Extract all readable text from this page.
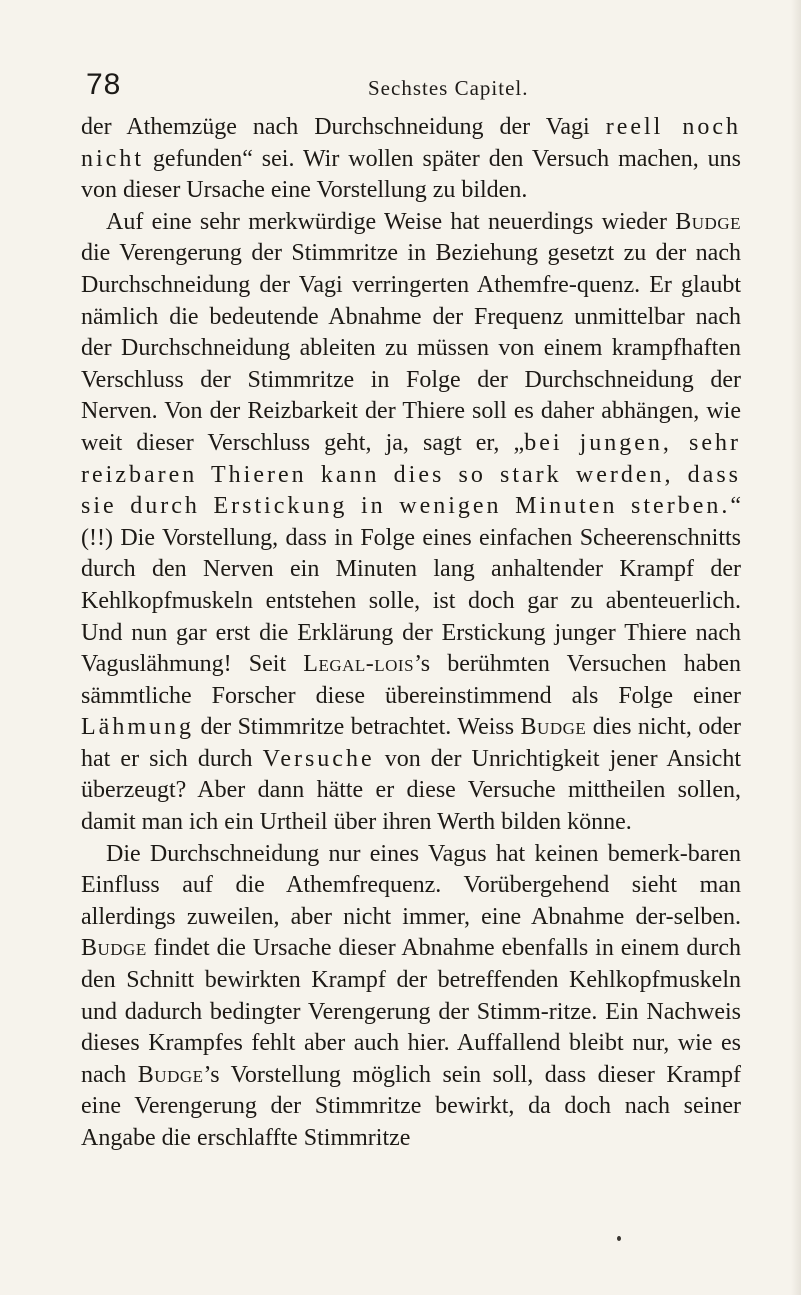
78	Sechstes Capitel.

der Athemzüge nach Durchschneidung der Vagi reell noch nicht gefunden“ sei. Wir wollen später den Versuch machen, uns von dieser Ursache eine Vorstellung zu bilden.

Auf eine sehr merkwürdige Weise hat neuerdings wieder Budge die Verengerung der Stimmritze in Beziehung gesetzt zu der nach Durchschneidung der Vagi verringerten Athemfre-quenz. Er glaubt nämlich die bedeutende Abnahme der Frequenz unmittelbar nach der Durchschneidung ableiten zu müssen von einem krampfhaften Verschluss der Stimmritze in Folge der Durchschneidung der Nerven. Von der Reizbarkeit der Thiere soll es daher abhängen, wie weit dieser Verschluss geht, ja, sagt er, „bei jungen, sehr reizbaren Thieren kann dies so stark werden, dass sie durch Erstickung in wenigen Minuten sterben.“ (!!) Die Vorstellung, dass in Folge eines einfachen Scheerenschnitts durch den Nerven ein Minuten lang anhaltender Krampf der Kehlkopfmuskeln entstehen solle, ist doch gar zu abenteuerlich. Und nun gar erst die Erklärung der Erstickung junger Thiere nach Vaguslähmung! Seit Legal-lois’s berühmten Versuchen haben sämmtliche Forscher diese übereinstimmend als Folge einer Lähmung der Stimmritze betrachtet. Weiss Budge dies nicht, oder hat er sich durch Versuche von der Unrichtigkeit jener Ansicht überzeugt? Aber dann hätte er diese Versuche mittheilen sollen, damit man ich ein Urtheil über ihren Werth bilden könne.

Die Durchschneidung nur eines Vagus hat keinen bemerk-baren Einfluss auf die Athemfrequenz. Vorübergehend sieht man allerdings zuweilen, aber nicht immer, eine Abnahme der-selben. Budge findet die Ursache dieser Abnahme ebenfalls in einem durch den Schnitt bewirkten Krampf der betreffenden Kehlkopfmuskeln und dadurch bedingter Verengerung der Stimm-ritze. Ein Nachweis dieses Krampfes fehlt aber auch hier. Auffallend bleibt nur, wie es nach Budge’s Vorstellung möglich sein soll, dass dieser Krampf eine Verengerung der Stimmritze bewirkt, da doch nach seiner Angabe die erschlaffte Stimmritze
